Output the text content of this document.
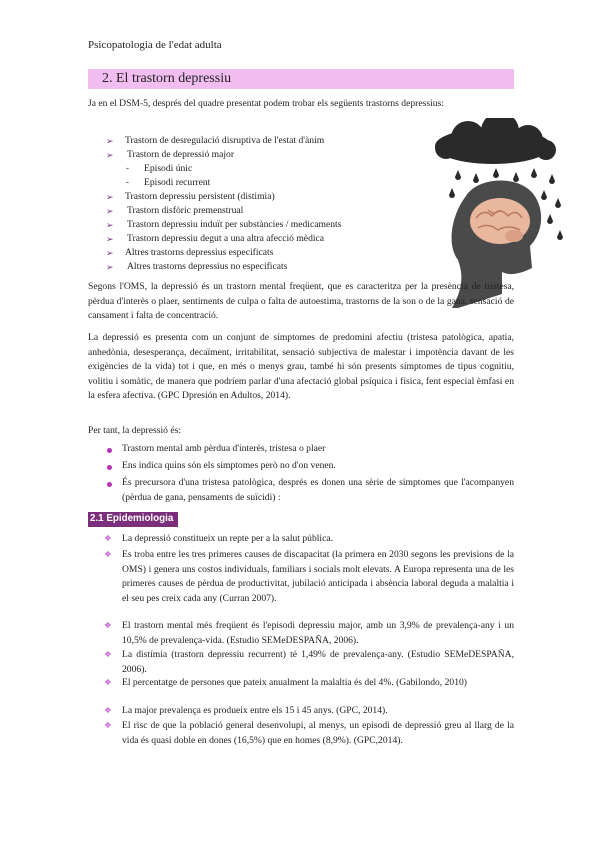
Psicopatologia de l'edat adulta
2. El trastorn depressiu
Ja en el DSM-5, després del quadre presentat podem trobar els següents trastorns depressius:
➢ Trastorn de desregulació disruptiva de l'estat d'ànim
➢ Trastorn de depressió major
- Episodi únic
- Episodi recurrent
➢ Trastorn depressiu persistent (distimia)
➢ Trastorn disfòric premenstrual
➢ Trastorn depressiu induït per substàncies / medicaments
➢ Trastorn depressiu degut a una altra afecció mèdica
➢ Altres trastorns depressius especificats
➢ Altres trastorns depressius no especificats
Segons l'OMS, la depressió és un trastorn mental freqüent, que es caracteritza per la presència de tristesa, pèrdua d'interès o plaer, sentiments de culpa o falta de autoestima, trastorns de la son o de la gana, sensació de cansament i falta de concentració.
La depressió es presenta com un conjunt de símptomes de predomini afectiu (tristesa patològica, apatia, anhedònia, desesperança, decaïment, irritabilitat, sensació subjectiva de malestar i impotència davant de les exigències de la vida) tot i que, en més o menys grau, també hi són presents símptomes de tipus cognitiu, volitiu i somàtic, de manera que podríem parlar d'una afectació global psíquica i física, fent especial èmfasi en la esfera afectiva. (GPC Dpresión en Adultos, 2014).
Per tant, la depressió és:
Trastorn mental amb pèrdua d'interès, tristesa o plaer
Ens indica quins són els símptomes però no d'on venen.
És precursora d'una tristesa patològica, després es donen una sèrie de símptomes que l'acompanyen (pèrdua de gana, pensaments de suïcidi) :
2.1 Epidemiologia
❖ La depressió constitueix un repte per a la salut pública.
❖ Es troba entre les tres primeres causes de discapacitat (la primera en 2030 segons les previsions de la OMS) i genera uns costos individuals, familiars i socials molt elevats. A Europa representa una de les primeres causes de pèrdua de productivitat, jubilació anticipada i absència laboral deguda a malaltia i el seu pes creix cada any (Curran 2007).
❖ El trastorn mental més freqüent és l'episodi depressiu major, amb un 3,9% de prevalença-any i un 10,5% de prevalença-vida. (Estudio SEMeDESPAÑA, 2006).
❖ La distímia (trastorn depressiu recurrent) té 1,49% de prevalença-any. (Estudio SEMeDESPAÑA, 2006).
❖ El percentatge de persones que pateix anualment la malaltia és del 4%. (Gabilondo, 2010)
❖ La major prevalença es produeix entre els 15 i 45 anys. (GPC, 2014).
❖ El risc de que la població general desenvolupi, al menys, un episodi de depressió greu al llarg de la vida és quasi doble en dones (16,5%) que en homes (8,9%). (GPC,2014).
